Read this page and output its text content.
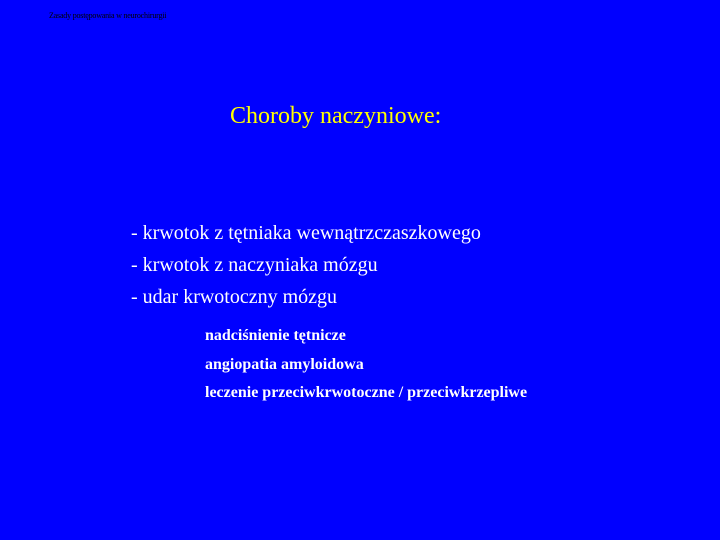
Zasady postępowania w neurochirurgii
Choroby naczyniowe:
- krwotok z tętniaka wewnątrzczaszkowego
- krwotok z naczyniaka mózgu
- udar krwotoczny mózgu
nadciśnienie tętnicze
angiopatia amyloidowa
leczenie przeciwkrwotoczne / przeciwkrzepliwe
